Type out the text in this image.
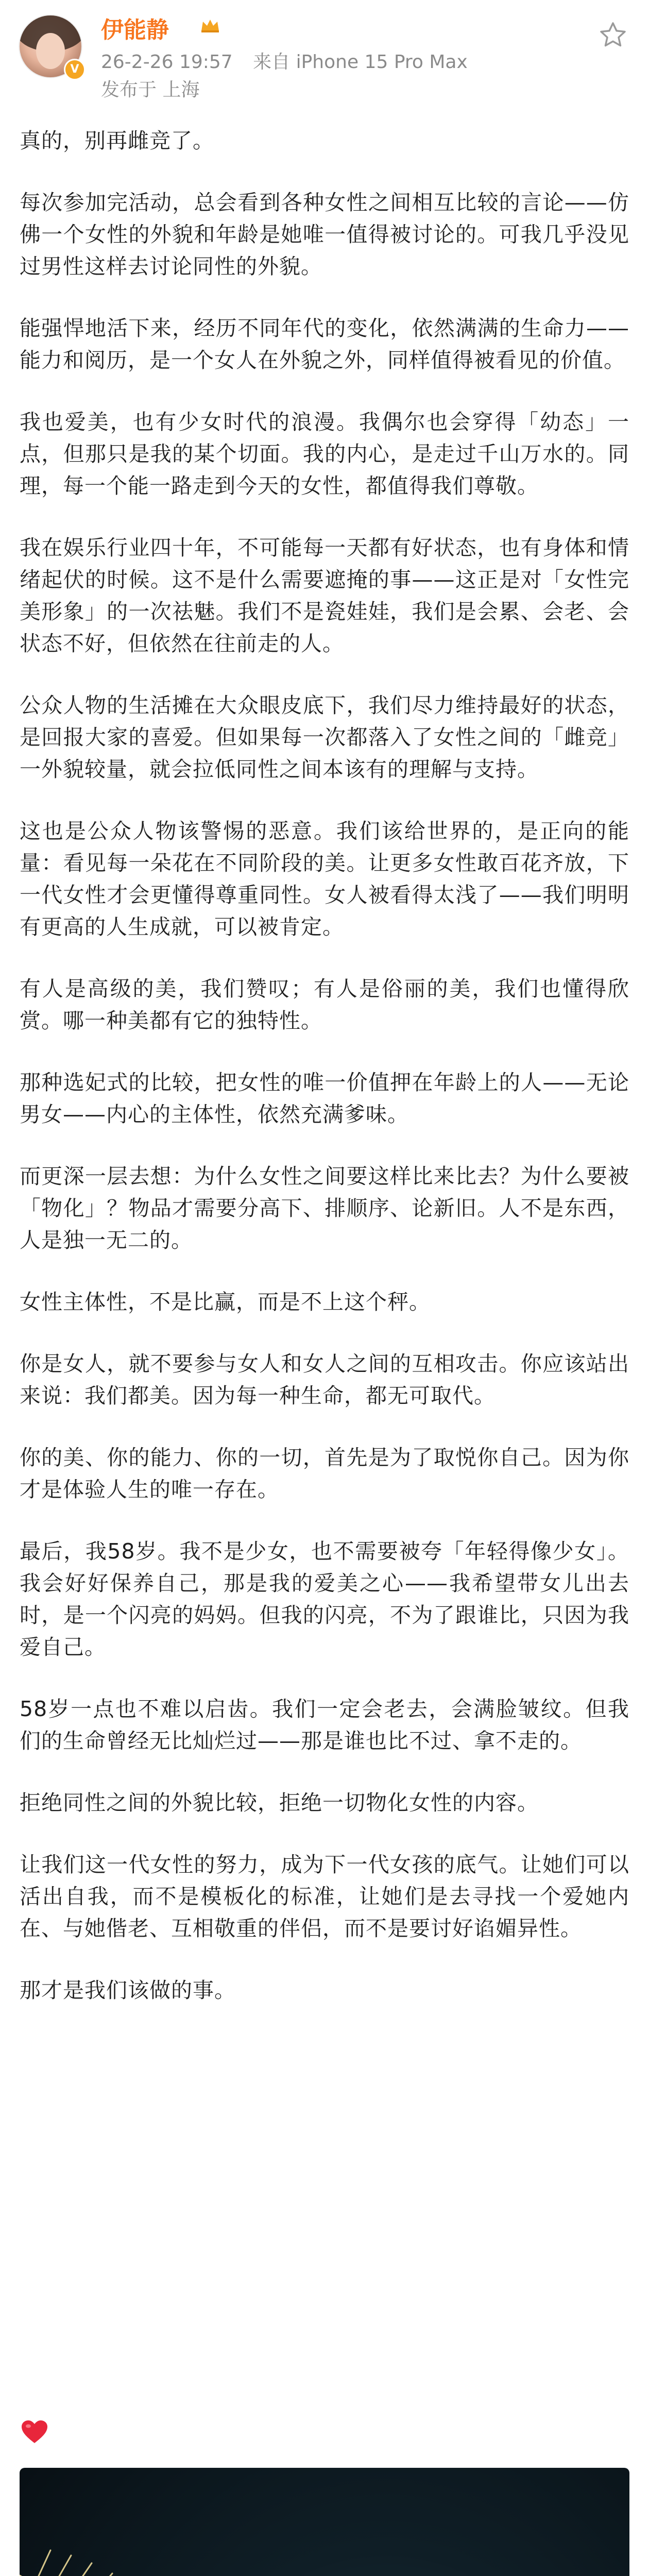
V
伊能静
26-2-26 19:57 来自 iPhone 15 Pro Max
发布于 上海

真的，别再雌竞了。

每次参加完活动，总会看到各种女性之间相互比较的言论——仿佛一个女性的外貌和年龄是她唯一值得被讨论的。可我几乎没见过男性这样去讨论同性的外貌。

能强悍地活下来，经历不同年代的变化，依然满满的生命力——能力和阅历，是一个女人在外貌之外，同样值得被看见的价值。

我也爱美，也有少女时代的浪漫。我偶尔也会穿得「幼态」一点，但那只是我的某个切面。我的内心，是走过千山万水的。同理，每一个能一路走到今天的女性，都值得我们尊敬。

我在娱乐行业四十年，不可能每一天都有好状态，也有身体和情绪起伏的时候。这不是什么需要遮掩的事——这正是对「女性完美形象」的一次祛魅。我们不是瓷娃娃，我们是会累、会老、会状态不好，但依然在往前走的人。

公众人物的生活摊在大众眼皮底下，我们尽力维持最好的状态，是回报大家的喜爱。但如果每一次都落入了女性之间的「雌竞」一外貌较量，就会拉低同性之间本该有的理解与支持。

这也是公众人物该警惕的恶意。我们该给世界的，是正向的能量：看见每一朵花在不同阶段的美。让更多女性敢百花齐放，下一代女性才会更懂得尊重同性。女人被看得太浅了——我们明明有更高的人生成就，可以被肯定。

有人是高级的美，我们赞叹；有人是俗丽的美，我们也懂得欣赏。哪一种美都有它的独特性。

那种选妃式的比较，把女性的唯一价值押在年龄上的人——无论男女——内心的主体性，依然充满爹味。

而更深一层去想：为什么女性之间要这样比来比去？为什么要被「物化」？物品才需要分高下、排顺序、论新旧。人不是东西，人是独一无二的。

女性主体性，不是比赢，而是不上这个秤。

你是女人，就不要参与女人和女人之间的互相攻击。你应该站出来说：我们都美。因为每一种生命，都无可取代。

你的美、你的能力、你的一切，首先是为了取悦你自己。因为你才是体验人生的唯一存在。

最后，我58岁。我不是少女，也不需要被夸「年轻得像少女」。我会好好保养自己，那是我的爱美之心——我希望带女儿出去时，是一个闪亮的妈妈。但我的闪亮，不为了跟谁比，只因为我爱自己。

58岁一点也不难以启齿。我们一定会老去，会满脸皱纹。但我们的生命曾经无比灿烂过——那是谁也比不过、拿不走的。

拒绝同性之间的外貌比较，拒绝一切物化女性的内容。

让我们这一代女性的努力，成为下一代女孩的底气。让她们可以活出自我，而不是模板化的标准，让她们是去寻找一个爱她内在、与她偕老、互相敬重的伴侣，而不是要讨好谄媚异性。

那才是我们该做的事。
